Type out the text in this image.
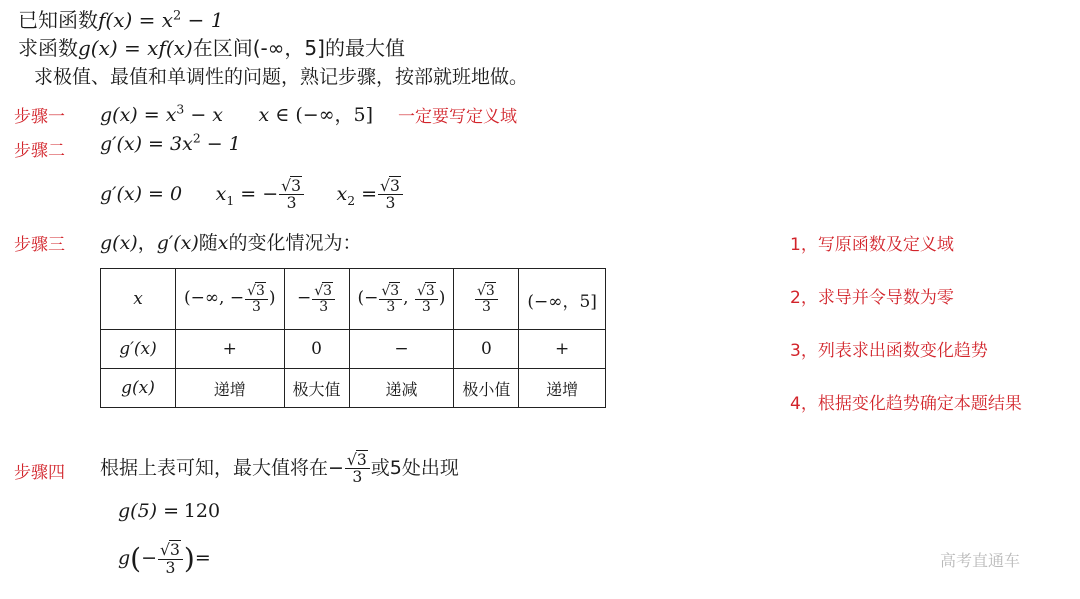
已知函数$f(x) = x^2 - 1$
求函数g(x) = xf(x)在区间(-∞，5]的最大值
求极值、最值和单调性的问题，熟记步骤，按部就班地做。
步骤一 $g(x) = x^3 - x$ x ∈ (−∞，5] 一定要写定义域
步骤二 $g'(x) = 3x^2 - 1$
g′(x) = 0 $x_1$ = − $\frac{√3}{3} x_2 = \frac{√3}{3}$
步骤三 g(x)，g′(x)随x的变化情况为：
x	(−∞, − $\frac{√3}{3}$ )	− $\frac{√3}{3}$	(− $\frac{√3}{3}$ , $\frac{√3}{3}$ )	$\frac{√3}{3}$	(−∞，5]
g′(x)	+	0	−	0	+
g(x)	递增	极大值	递减	极小值	递增
步骤四 根据上表可知，最大值将在− $\frac{√3}{3}$ 或5处出现
g(5) = 120
$g(- \frac{√3}{3}$ )=
1，写原函数及定义域
2，求导并令导数为零
3，列表求出函数变化趋势
4，根据变化趋势确定本题结果
高考直通车
